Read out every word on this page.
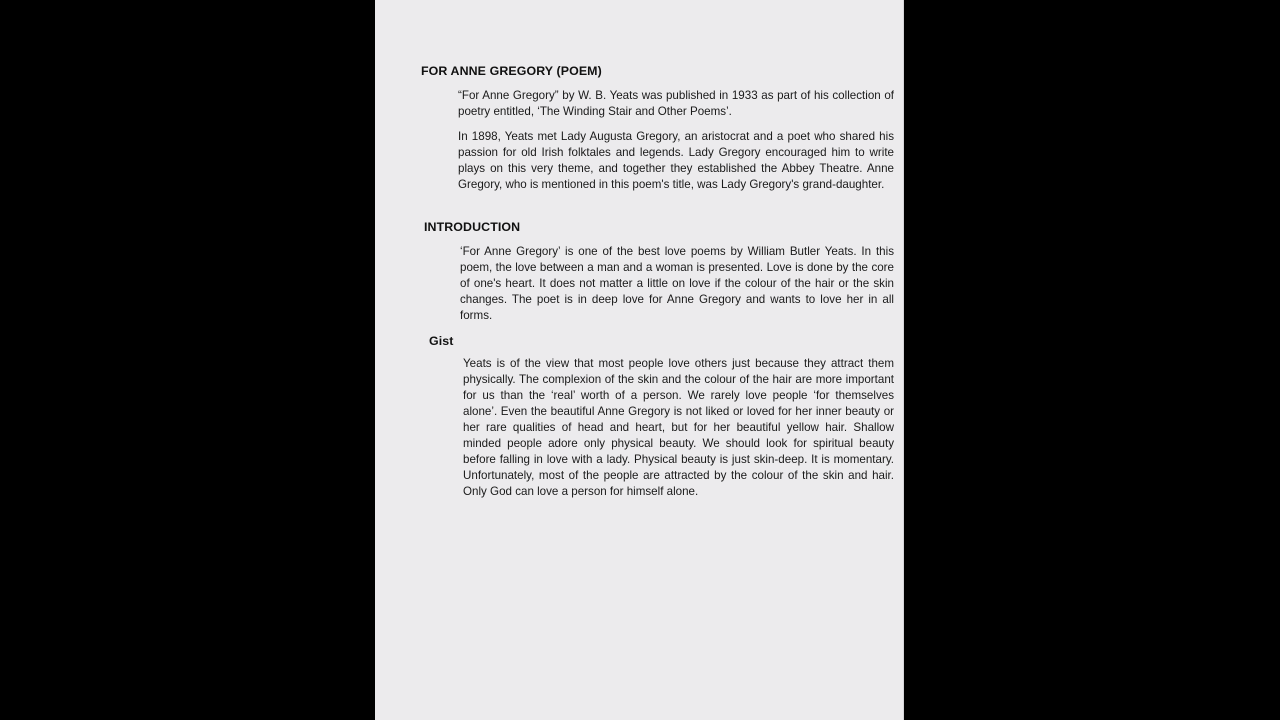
FOR ANNE GREGORY (POEM)

“For Anne Gregory” by W. B. Yeats was published in 1933 as part of his collection of poetry entitled, ‘The Winding Stair and Other Poems’.

In 1898, Yeats met Lady Augusta Gregory, an aristocrat and a poet who shared his passion for old Irish folktales and legends. Lady Gregory encouraged him to write plays on this very theme, and together they established the Abbey Theatre. Anne Gregory, who is mentioned in this poem's title, was Lady Gregory's grand-daughter.

INTRODUCTION

‘For Anne Gregory’ is one of the best love poems by William Butler Yeats. In this poem, the love between a man and a woman is presented. Love is done by the core of one's heart. It does not matter a little on love if the colour of the hair or the skin changes. The poet is in deep love for Anne Gregory and wants to love her in all forms.

Gist

Yeats is of the view that most people love others just because they attract them physically. The complexion of the skin and the colour of the hair are more important for us than the ‘real’ worth of a person. We rarely love people ‘for themselves alone’. Even the beautiful Anne Gregory is not liked or loved for her inner beauty or her rare qualities of head and heart, but for her beautiful yellow hair. Shallow minded people adore only physical beauty. We should look for spiritual beauty before falling in love with a lady. Physical beauty is just skin-deep. It is momentary. Unfortunately, most of the people are attracted by the colour of the skin and hair. Only God can love a person for himself alone.
